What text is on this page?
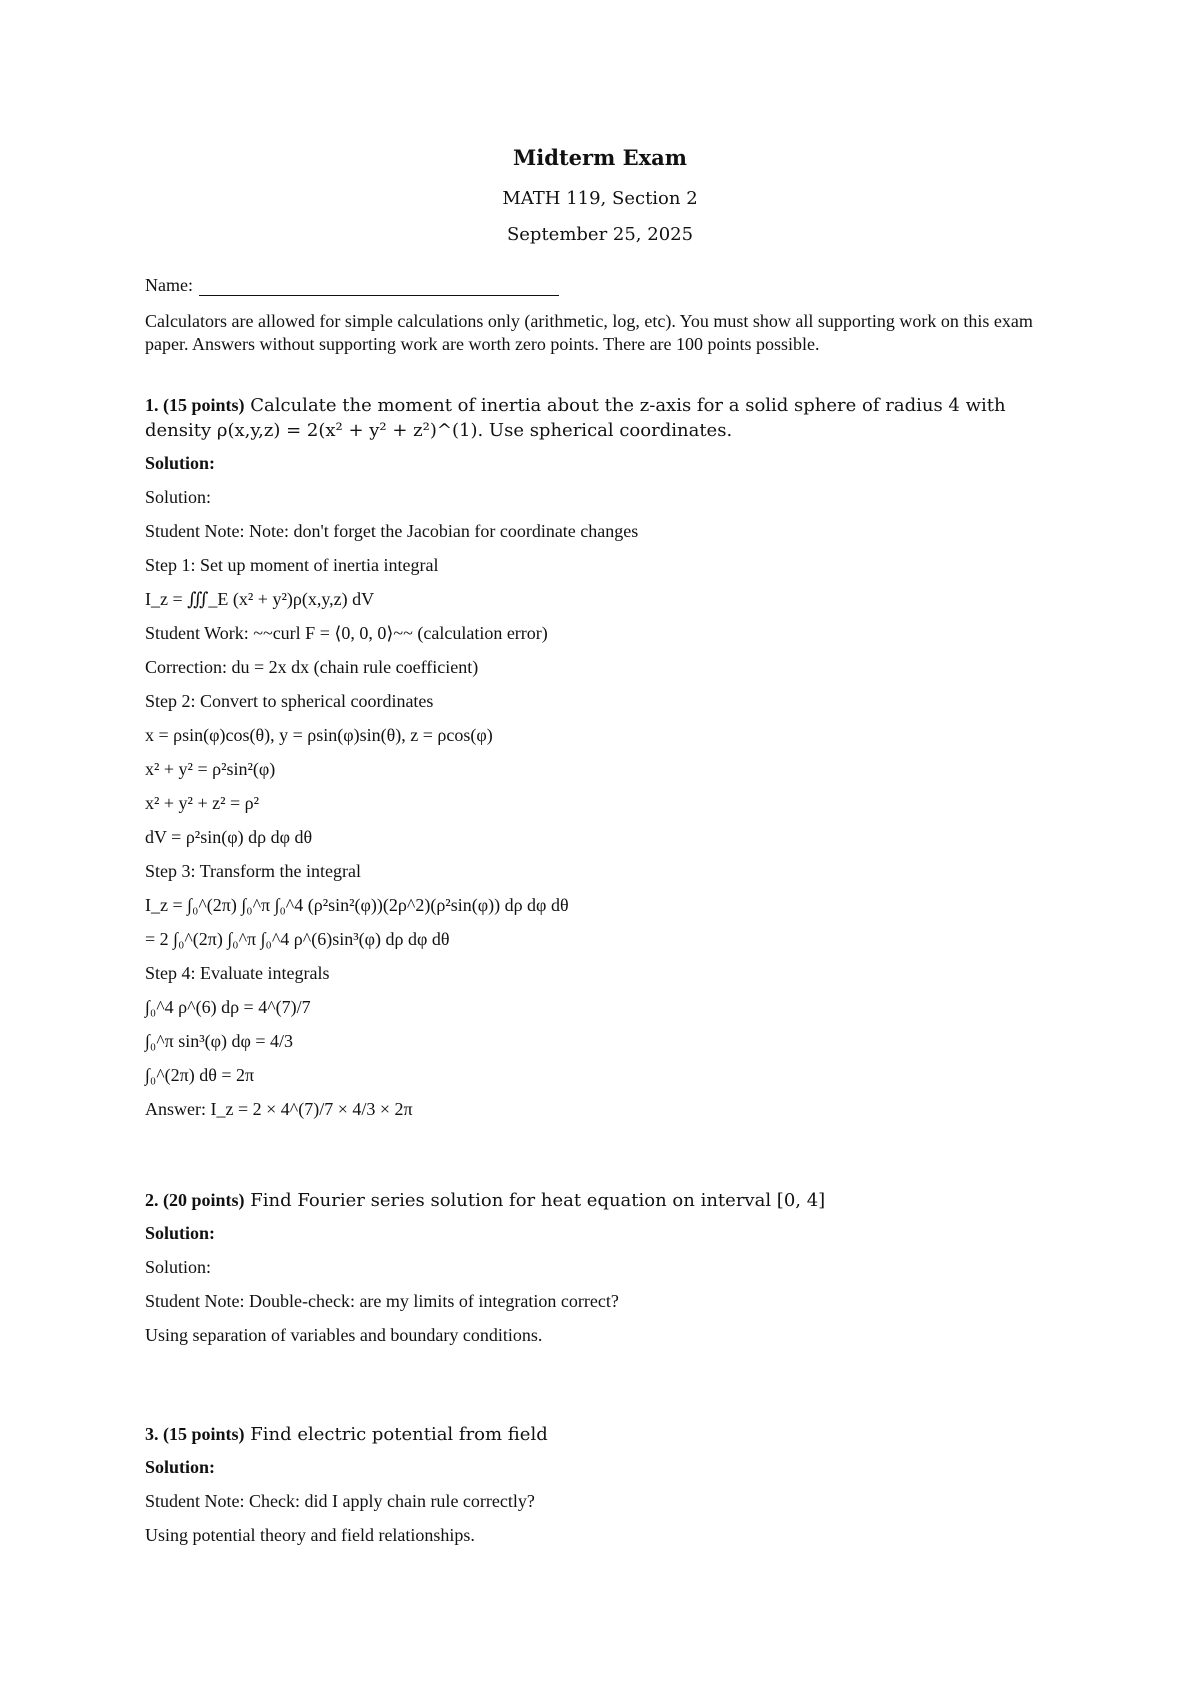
Midterm Exam
MATH 119, Section 2
September 25, 2025
Name:
Calculators are allowed for simple calculations only (arithmetic, log, etc). You must show all supporting work on this exam paper. Answers without supporting work are worth zero points. There are 100 points possible.
1. (15 points) Calculate the moment of inertia about the z-axis for a solid sphere of radius 4 with
density ρ(x,y,z) = 2(x² + y² + z²)^(1). Use spherical coordinates.
Solution:
Solution:
Student Note: Note: don't forget the Jacobian for coordinate changes
Step 1: Set up moment of inertia integral
I_z = ∭_E (x² + y²)ρ(x,y,z) dV
Student Work: ~~curl F = ⟨0, 0, 0⟩~~ (calculation error)
Correction: du = 2x dx (chain rule coefficient)
Step 2: Convert to spherical coordinates
x = ρsin(φ)cos(θ), y = ρsin(φ)sin(θ), z = ρcos(φ)
x² + y² = ρ²sin²(φ)
x² + y² + z² = ρ²
dV = ρ²sin(φ) dρ dφ dθ
Step 3: Transform the integral
I_z = ∫₀^(2π) ∫₀^π ∫₀^4 (ρ²sin²(φ))(2ρ^2)(ρ²sin(φ)) dρ dφ dθ
= 2 ∫₀^(2π) ∫₀^π ∫₀^4 ρ^(6)sin³(φ) dρ dφ dθ
Step 4: Evaluate integrals
∫₀^4 ρ^(6) dρ = 4^(7)/7
∫₀^π sin³(φ) dφ = 4/3
∫₀^(2π) dθ = 2π
Answer: I_z = 2 × 4^(7)/7 × 4/3 × 2π
2. (20 points) Find Fourier series solution for heat equation on interval [0, 4]
Solution:
Solution:
Student Note: Double-check: are my limits of integration correct?
Using separation of variables and boundary conditions.
3. (15 points) Find electric potential from field
Solution:
Student Note: Check: did I apply chain rule correctly?
Using potential theory and field relationships.
